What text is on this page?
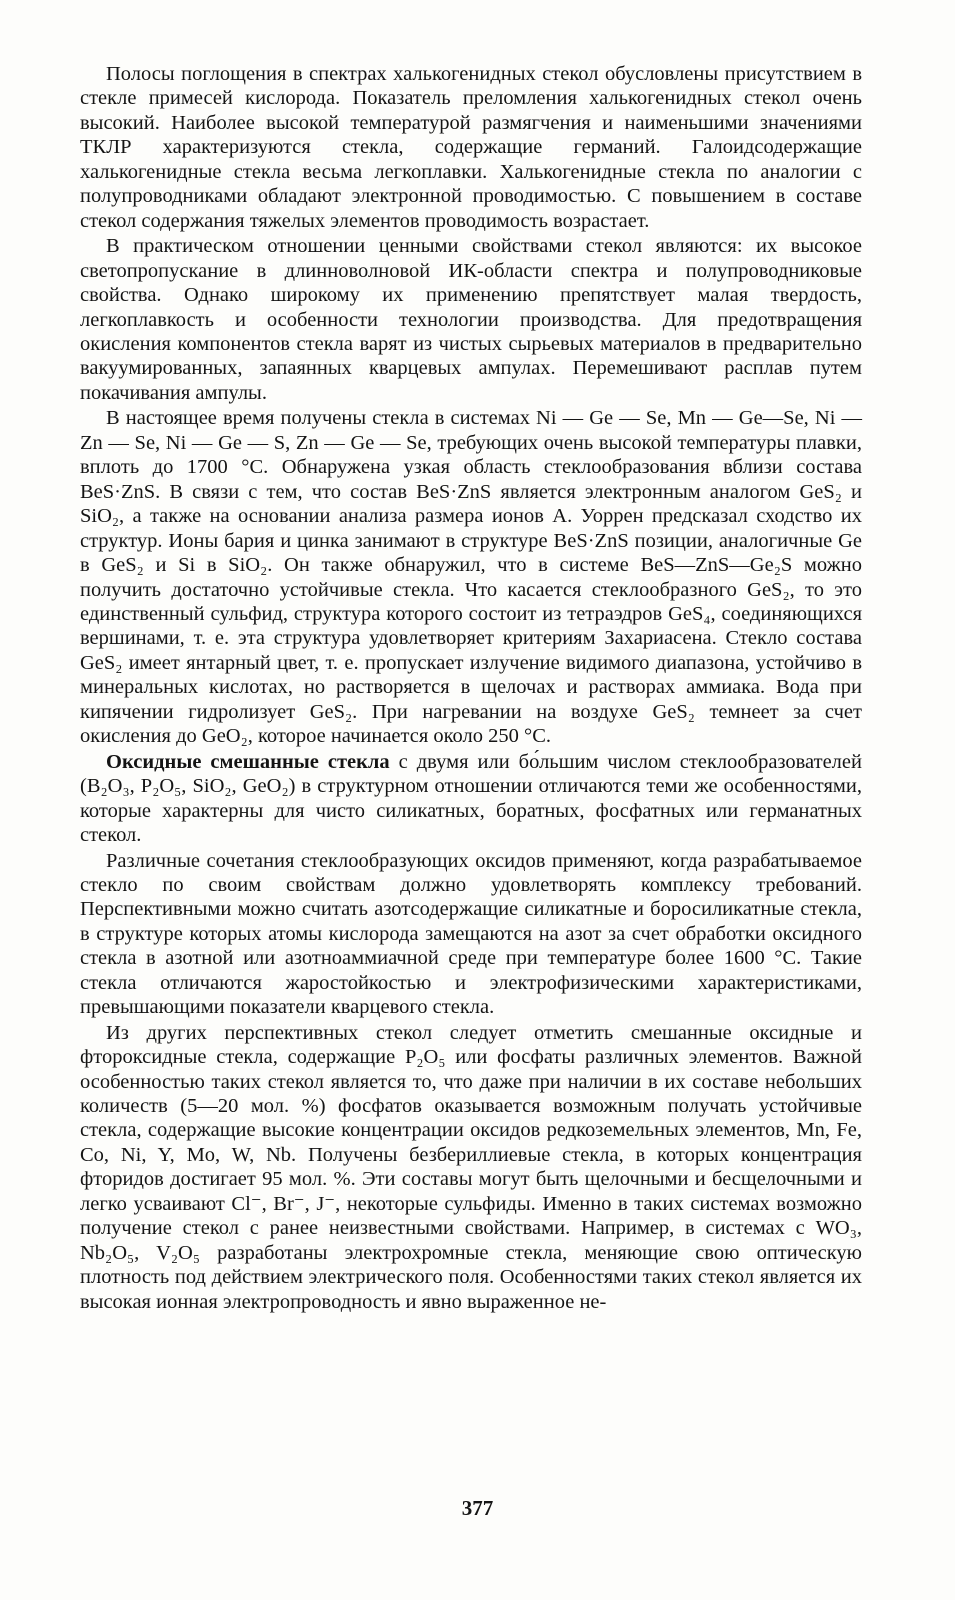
Полосы поглощения в спектрах халькогенидных стекол обусловлены присутствием в стекле примесей кислорода. Показатель преломления халькогенидных стекол очень высокий. Наиболее высокой температурой размягчения и наименьшими значениями ТКЛР характеризуются стекла, содержащие германий. Галоидсодержащие халькогенидные стекла весьма легкоплавки. Халькогенидные стекла по аналогии с полупроводниками обладают электронной проводимостью. С повышением в составе стекол содержания тяжелых элементов проводимость возрастает.

В практическом отношении ценными свойствами стекол являются: их высокое светопропускание в длинноволновой ИК-области спектра и полупроводниковые свойства. Однако широкому их применению препятствует малая твердость, легкоплавкость и особенности технологии производства. Для предотвращения окисления компонентов стекла варят из чистых сырьевых материалов в предварительно вакуумированных, запаянных кварцевых ампулах. Перемешивают расплав путем покачивания ампулы.

В настоящее время получены стекла в системах Ni — Ge — Se, Mn — Ge—Se, Ni — Zn — Se, Ni — Ge — S, Zn — Ge — Se, требующих очень высокой температуры плавки, вплоть до 1700 °С. Обнаружена узкая область стеклообразования вблизи состава BeS·ZnS. В связи с тем, что состав BeS·ZnS является электронным аналогом GeS₂ и SiO₂, а также на основании анализа размера ионов А. Уоррен предсказал сходство их структур. Ионы бария и цинка занимают в структуре BeS·ZnS позиции, аналогичные Ge в GeS₂ и Si в SiO₂. Он также обнаружил, что в системе BeS—ZnS—Ge₂S можно получить достаточно устойчивые стекла. Что касается стеклообразного GeS₂, то это единственный сульфид, структура которого состоит из тетраэдров GeS₄, соединяющихся вершинами, т. е. эта структура удовлетворяет критериям Захариасена. Стекло состава GeS₂ имеет янтарный цвет, т. е. пропускает излучение видимого диапазона, устойчиво в минеральных кислотах, но растворяется в щелочах и растворах аммиака. Вода при кипячении гидролизует GeS₂. При нагревании на воздухе GeS₂ темнеет за счет окисления до GeO₂, которое начинается около 250 °С.

Оксидные смешанные стекла с двумя или бо́льшим числом стеклообразователей (B₂O₃, P₂O₅, SiO₂, GeO₂) в структурном отношении отличаются теми же особенностями, которые характерны для чисто силикатных, боратных, фосфатных или германатных стекол.

Различные сочетания стеклообразующих оксидов применяют, когда разрабатываемое стекло по своим свойствам должно удовлетворять комплексу требований. Перспективными можно считать азотсодержащие силикатные и боросиликатные стекла, в структуре которых атомы кислорода замещаются на азот за счет обработки оксидного стекла в азотной или азотноаммиачной среде при температуре более 1600 °С. Такие стекла отличаются жаростойкостью и электрофизическими характеристиками, превышающими показатели кварцевого стекла.

Из других перспективных стекол следует отметить смешанные оксидные и фтороксидные стекла, содержащие P₂O₅ или фосфаты различных элементов. Важной особенностью таких стекол является то, что даже при наличии в их составе небольших количеств (5—20 мол. %) фосфатов оказывается возможным получать устойчивые стекла, содержащие высокие концентрации оксидов редкоземельных элементов, Mn, Fe, Co, Ni, Y, Mo, W, Nb. Получены безбериллиевые стекла, в которых концентрация фторидов достигает 95 мол. %. Эти составы могут быть щелочными и бесщелочными и легко усваивают Cl⁻, Br⁻, J⁻, некоторые сульфиды. Именно в таких системах возможно получение стекол с ранее неизвестными свойствами. Например, в системах с WO₃, Nb₂O₅, V₂O₅ разработаны электрохромные стекла, меняющие свою оптическую плотность под действием электрического поля. Особенностями таких стекол является их высокая ионная электропроводность и явно выраженное не-

377
